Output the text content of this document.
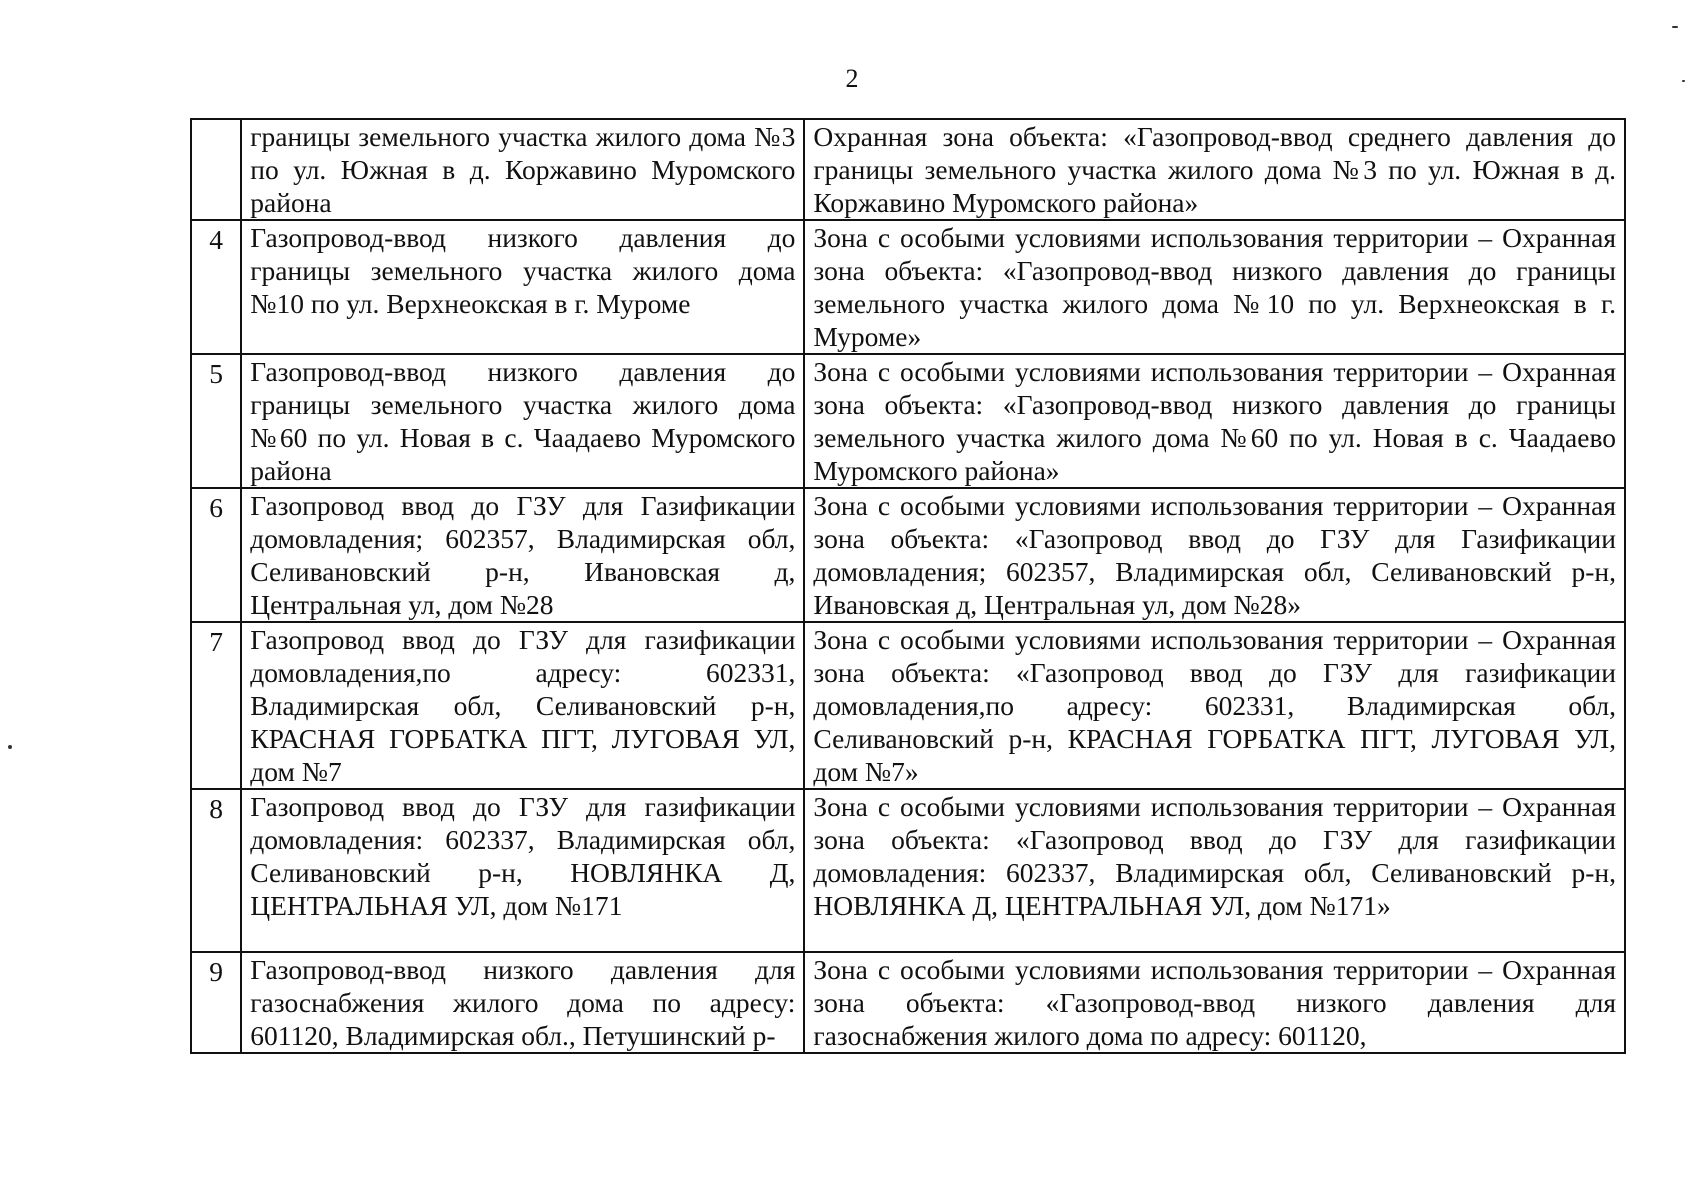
2

	границы земельного участка жилого дома №3 по ул. Южная в д. Коржавино Муромского района	Охранная зона объекта: «Газопровод-ввод среднего давления до границы земельного участка жилого дома №3 по ул. Южная в д. Коржавино Муромского района»

4	Газопровод-ввод низкого давления до границы земельного участка жилого дома №10 по ул. Верхнеокская в г. Муроме	Зона с особыми условиями использования территории – Охранная зона объекта: «Газопровод-ввод низкого давления до границы земельного участка жилого дома №10 по ул. Верхнеокская в г. Муроме»

5	Газопровод-ввод низкого давления до границы земельного участка жилого дома №60 по ул. Новая в с. Чаадаево Муромского района	Зона с особыми условиями использования территории – Охранная зона объекта: «Газопровод-ввод низкого давления до границы земельного участка жилого дома №60 по ул. Новая в с. Чаадаево Муромского района»

6	Газопровод ввод до ГЗУ для Газификации домовладения; 602357, Владимирская обл, Селивановский р-н, Ивановская д, Центральная ул, дом №28	Зона с особыми условиями использования территории – Охранная зона объекта: «Газопровод ввод до ГЗУ для Газификации домовладения; 602357, Владимирская обл, Селивановский р-н, Ивановская д, Центральная ул, дом №28»

7	Газопровод ввод до ГЗУ для газификации домовладения,по адресу: 602331, Владимирская обл, Селивановский р-н, КРАСНАЯ ГОРБАТКА ПГТ, ЛУГОВАЯ УЛ, дом №7	Зона с особыми условиями использования территории – Охранная зона объекта: «Газопровод ввод до ГЗУ для газификации домовладения,по адресу: 602331, Владимирская обл, Селивановский р-н, КРАСНАЯ ГОРБАТКА ПГТ, ЛУГОВАЯ УЛ, дом №7»

8	Газопровод ввод до ГЗУ для газификации домовладения: 602337, Владимирская обл, Селивановский р-н, НОВЛЯНКА Д, ЦЕНТРАЛЬНАЯ УЛ, дом №171	Зона с особыми условиями использования территории – Охранная зона объекта: «Газопровод ввод до ГЗУ для газификации домовладения: 602337, Владимирская обл, Селивановский р-н, НОВЛЯНКА Д, ЦЕНТРАЛЬНАЯ УЛ, дом №171»

9	Газопровод-ввод низкого давления для газоснабжения жилого дома по адресу: 601120, Владимирская обл., Петушинский р-	Зона с особыми условиями использования территории – Охранная зона объекта: «Газопровод-ввод низкого давления для газоснабжения жилого дома по адресу: 601120,
